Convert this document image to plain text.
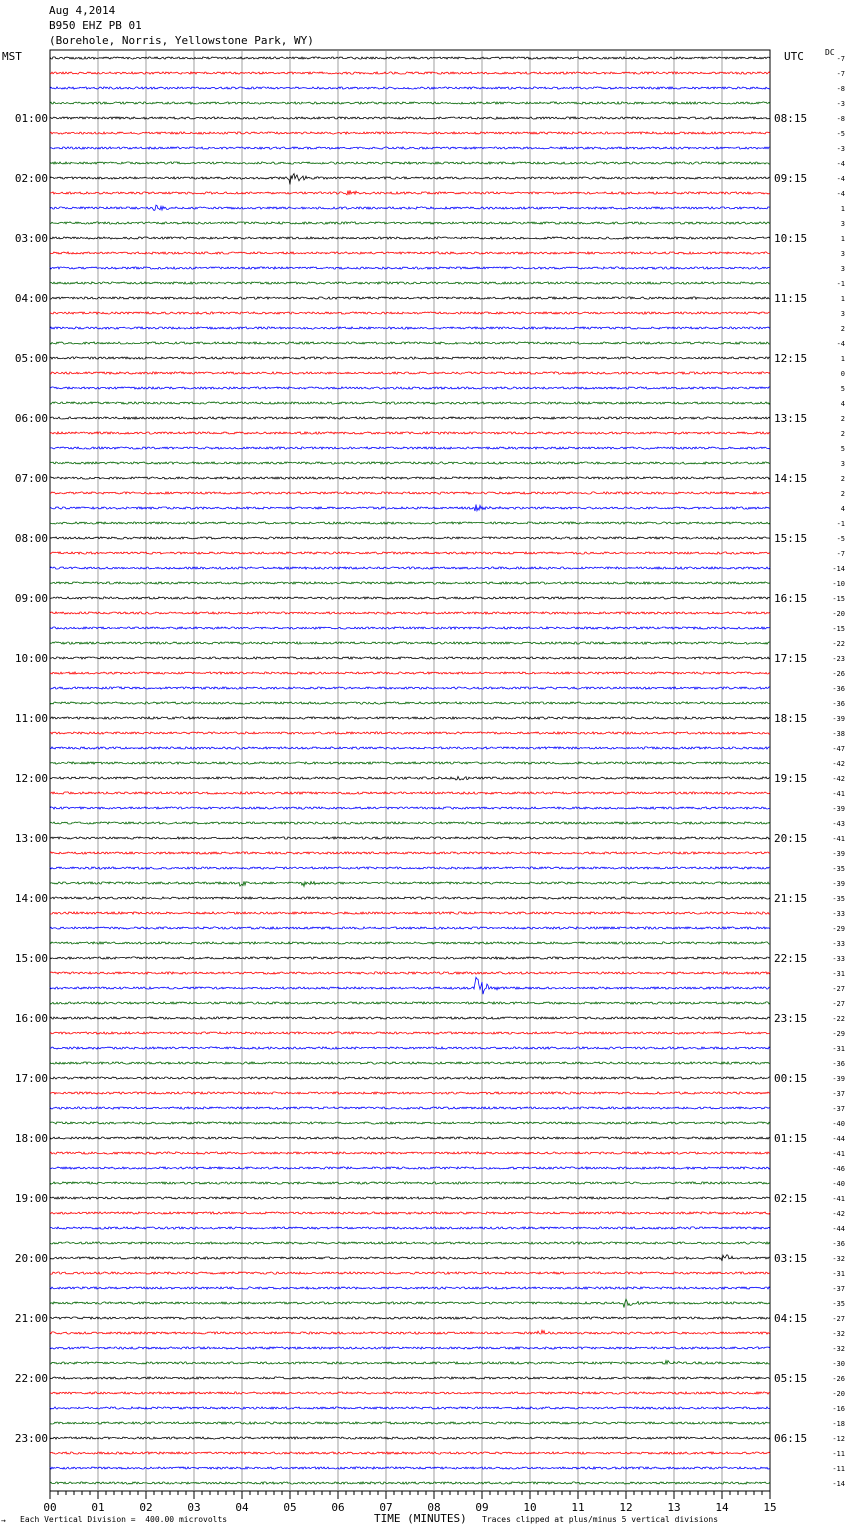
-7
-7
-8
-3
-8
01:00	08:15
-5
-3
-4
-4
02:00	09:15
-4
1
3
1
03:00	10:15
3
3
-1
1
04:00	11:15
3
2
-4
1
05:00	12:15
0
5
4
2
06:00	13:15
2
5
3
2
07:00	14:15
2
4
-1
-5
08:00	15:15
-7
-14
-10
-15
09:00	16:15
-20
-15
-22
-23
10:00	17:15
-26
-36
-36
-39
11:00	18:15
-38
-47
-42
-42
12:00	19:15
-41
-39
-43
-41
13:00	20:15
-39
-35
-39
-35
14:00	21:15
-33
-29
-33
-33
15:00	22:15
-31
-27
-27
-22
16:00	23:15
-29
-31
-36
-39
17:00	00:15
-37
-37
-40
-44
18:00	01:15
-41
-46
-40
-41
19:00	02:15
-42
-44
-36
-32
20:00	03:15
-31
-37
-35
-27
21:00	04:15
-32
-32
-30
-26
22:00	05:15
-20
-16
-18
-12
23:00	06:15
-11
-11
-14
00	01	02	03	04	05	06	07	08	09	10	11	12	13	14	15
Aug 4,2014
B950 EHZ PB 01
(Borehole, Norris, Yellowstone Park, WY)
MST	UTC	DC
→ Each Vertical Division =  400.00 microvolts	TIME (MINUTES) Traces clipped at plus/minus 5 vertical divisions
